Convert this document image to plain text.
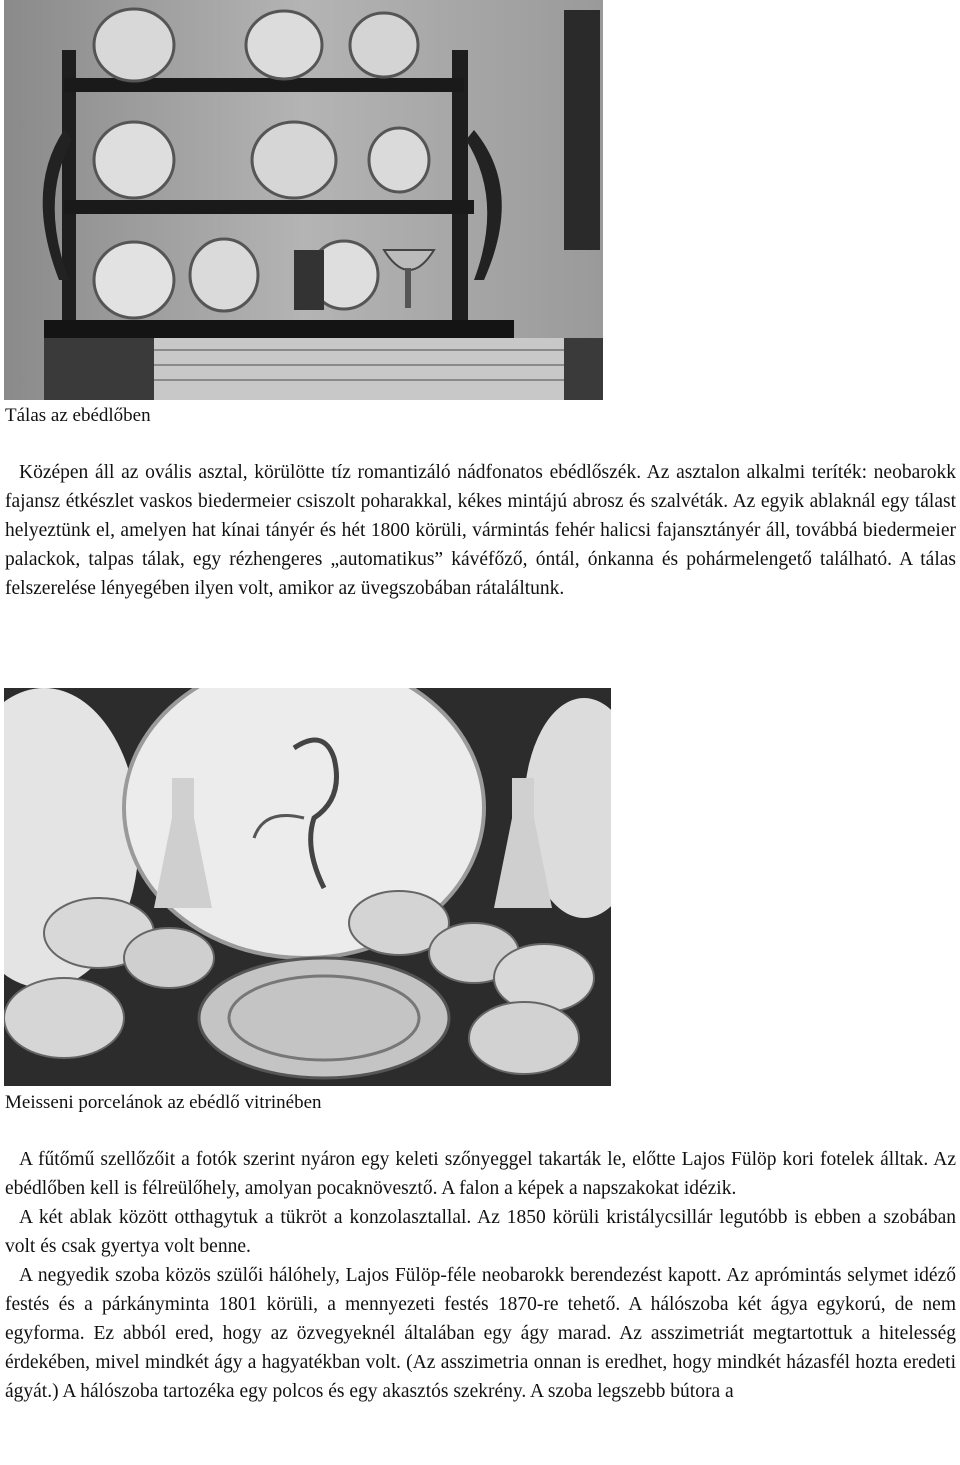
Tálas az ebédlőben

Középen áll az ovális asztal, körülötte tíz romantizáló nádfonatos ebédlőszék. Az asztalon alkalmi teríték: neobarokk fajansz étkészlet vaskos biedermeier csiszolt poharakkal, kékes mintájú abrosz és szalvéták. Az egyik ablaknál egy tálast helyeztünk el, amelyen hat kínai tányér és hét 1800 körüli, vármintás fehér halicsi fajansztányér áll, továbbá biedermeier palackok, talpas tálak, egy rézhengeres „automatikus” kávéfőző, óntál, ónkanna és pohármelengető található. A tálas felszerelése lényegében ilyen volt, amikor az üvegszobában rátaláltunk.

Meisseni porcelánok az ebédlő vitrinében

A fűtőmű szellőzőit a fotók szerint nyáron egy keleti szőnyeggel takarták le, előtte Lajos Fülöp kori fotelek álltak. Az ebédlőben kell is félreülőhely, amolyan pocaknövesztő. A falon a képek a napszakokat idézik.

A két ablak között otthagytuk a tükröt a konzolasztallal. Az 1850 körüli kristálycsillár legutóbb is ebben a szobában volt és csak gyertya volt benne.

A negyedik szoba közös szülői hálóhely, Lajos Fülöp-féle neobarokk berendezést kapott. Az aprómintás selymet idéző festés és a párkányminta 1801 körüli, a mennyezeti festés 1870-re tehető. A hálószoba két ágya egykorú, de nem egyforma. Ez abból ered, hogy az özvegyeknél általában egy ágy marad. Az asszimetriát megtartottuk a hitelesség érdekében, mivel mindkét ágy a hagyatékban volt. (Az asszimetria onnan is eredhet, hogy mindkét házasfél hozta eredeti ágyát.) A hálószoba tartozéka egy polcos és egy akasztós szekrény. A szoba legszebb bútora a
